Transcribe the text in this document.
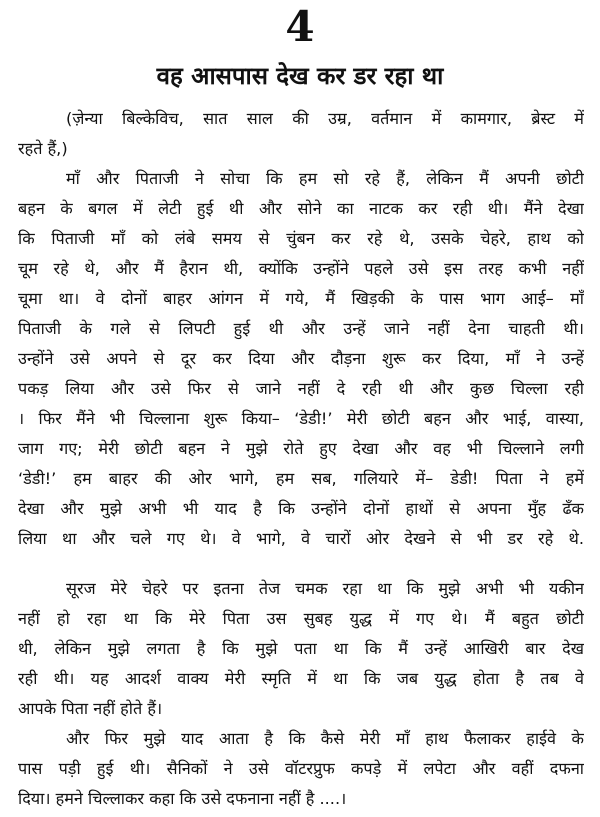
4
वह आसपास देख कर डर रहा था
(ज़ेन्या बिल्केविच, सात साल की उम्र, वर्तमान में कामगार, ब्रेस्ट में
रहते हैं,)
माँ और पिताजी ने सोचा कि हम सो रहे हैं, लेकिन मैं अपनी छोटी
बहन के बगल में लेटी हुई थी और सोने का नाटक कर रही थी। मैंने देखा
कि पिताजी माँ को लंबे समय से चुंबन कर रहे थे, उसके चेहरे, हाथ को
चूम रहे थे, और मैं हैरान थी, क्योंकि उन्होंने पहले उसे इस तरह कभी नहीं
चूमा था। वे दोनों बाहर आंगन में गये, मैं खिड़की के पास भाग आई– माँ
पिताजी के गले से लिपटी हुई थी और उन्हें जाने नहीं देना चाहती थी।
उन्होंने उसे अपने से दूर कर दिया और दौड़ना शुरू कर दिया, माँ ने उन्हें
पकड़ लिया और उसे फिर से जाने नहीं दे रही थी और कुछ चिल्ला रही
। फिर मैंने भी चिल्लाना शुरू किया– ‘डेडी!’ मेरी छोटी बहन और भाई, वास्या,
जाग गए; मेरी छोटी बहन ने मुझे रोते हुए देखा और वह भी चिल्लाने लगी
‘डेडी!’ हम बाहर की ओर भागे, हम सब, गलियारे में– डेडी! पिता ने हमें
देखा और मुझे अभी भी याद है कि उन्होंने दोनों हाथों से अपना मुँह ढँक
लिया था और चले गए थे। वे भागे, वे चारों ओर देखने से भी डर रहे थे.
सूरज मेरे चेहरे पर इतना तेज चमक रहा था कि मुझे अभी भी यकीन
नहीं हो रहा था कि मेरे पिता उस सुबह युद्ध में गए थे। मैं बहुत छोटी
थी, लेकिन मुझे लगता है कि मुझे पता था कि मैं उन्हें आखिरी बार देख
रही थी। यह आदर्श वाक्य मेरी स्मृति में था कि जब युद्ध होता है तब वे
आपके पिता नहीं होते हैं।
और फिर मुझे याद आता है कि कैसे मेरी माँ हाथ फैलाकर हाईवे के
पास पड़ी हुई थी। सैनिकों ने उसे वॉटरप्रुफ कपड़े में लपेटा और वहीं दफना
दिया। हमने चिल्लाकर कहा कि उसे दफनाना नहीं है ....।
